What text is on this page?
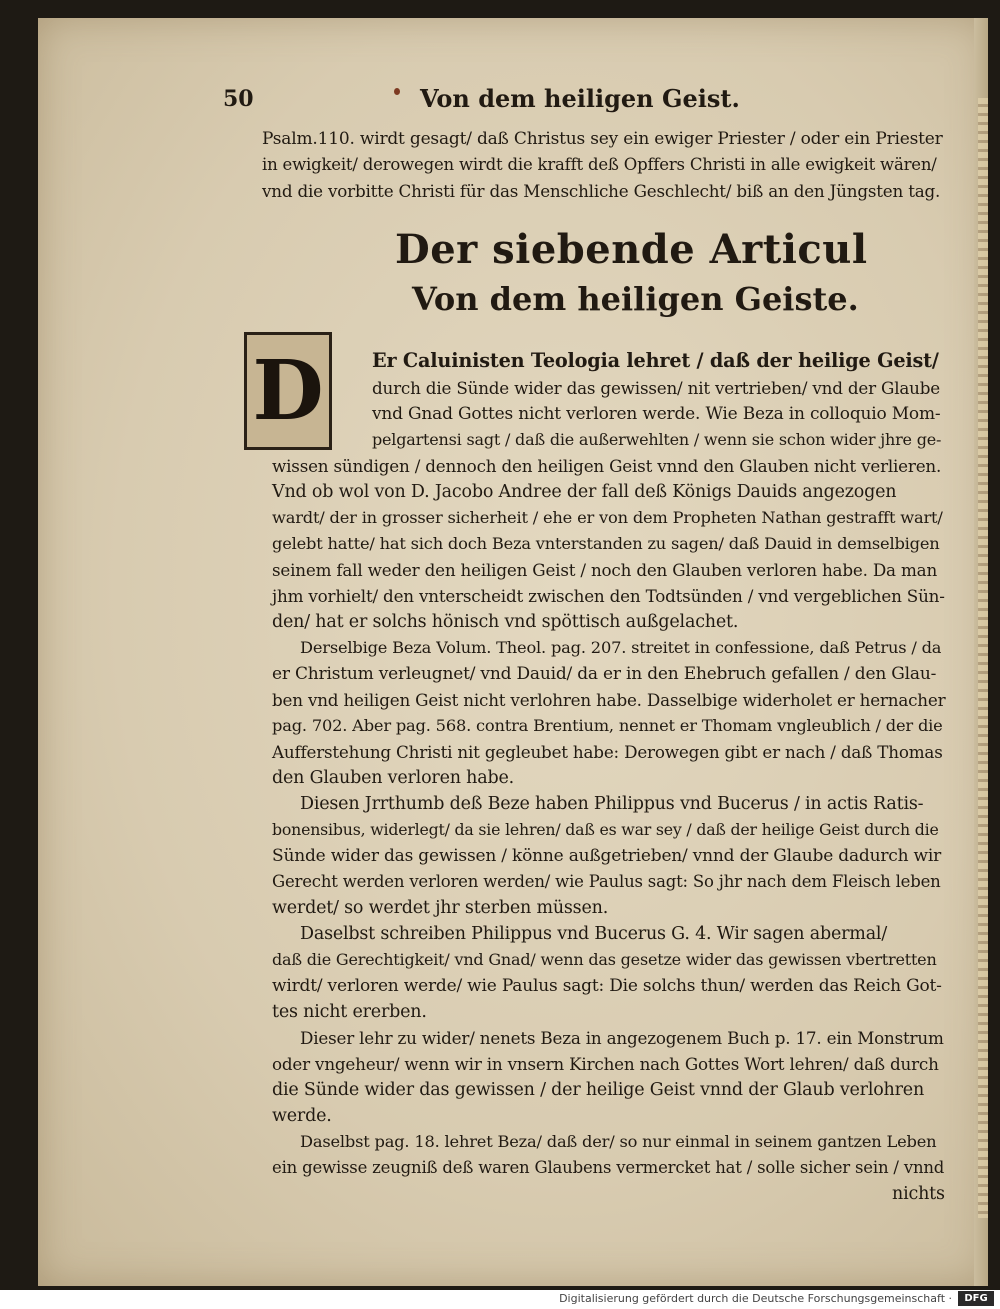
50	Von dem heiligen Geist.
Psalm.110. wirdt gesagt/ daß Christus sey ein ewiger Priester / oder ein Priester
in ewigkeit/ derowegen wirdt die krafft deß Opffers Christi in alle ewigkeit wären/
vnd die vorbitte Christi für das Menschliche Geschlecht/ biß an den Jüngsten tag.
Der siebende Articul
Von dem heiligen Geiste.
D	Er Caluinisten Teologia lehret / daß der heilige Geist/
durch die Sünde wider das gewissen/ nit vertrieben/ vnd der Glaube
vnd Gnad Gottes nicht verloren werde. Wie Beza in colloquio Mom-
pelgartensi sagt / daß die außerwehlten / wenn sie schon wider jhre ge-
wissen sündigen / dennoch den heiligen Geist vnnd den Glauben nicht verlieren.
Vnd ob wol von D. Jacobo Andree der fall deß Königs Dauids angezogen
wardt/ der in grosser sicherheit / ehe er von dem Propheten Nathan gestrafft wart/
gelebt hatte/ hat sich doch Beza vnterstanden zu sagen/ daß Dauid in demselbigen
seinem fall weder den heiligen Geist / noch den Glauben verloren habe. Da man
jhm vorhielt/ den vnterscheidt zwischen den Todtsünden / vnd vergeblichen Sün-
den/ hat er solchs hönisch vnd spöttisch außgelachet.
Derselbige Beza Volum. Theol. pag. 207. streitet in confessione, daß Petrus / da
er Christum verleugnet/ vnd Dauid/ da er in den Ehebruch gefallen / den Glau-
ben vnd heiligen Geist nicht verlohren habe. Dasselbige widerholet er hernacher
pag. 702. Aber pag. 568. contra Brentium, nennet er Thomam vngleublich / der die
Aufferstehung Christi nit gegleubet habe: Derowegen gibt er nach / daß Thomas
den Glauben verloren habe.
Diesen Jrrthumb deß Beze haben Philippus vnd Bucerus / in actis Ratis-
bonensibus, widerlegt/ da sie lehren/ daß es war sey / daß der heilige Geist durch die
Sünde wider das gewissen / könne außgetrieben/ vnnd der Glaube dadurch wir
Gerecht werden verloren werden/ wie Paulus sagt: So jhr nach dem Fleisch leben
werdet/ so werdet jhr sterben müssen.
Daselbst schreiben Philippus vnd Bucerus G. 4. Wir sagen abermal/
daß die Gerechtigkeit/ vnd Gnad/ wenn das gesetze wider das gewissen vbertretten
wirdt/ verloren werde/ wie Paulus sagt: Die solchs thun/ werden das Reich Got-
tes nicht ererben.
Dieser lehr zu wider/ nenets Beza in angezogenem Buch p. 17. ein Monstrum
oder vngeheur/ wenn wir in vnsern Kirchen nach Gottes Wort lehren/ daß durch
die Sünde wider das gewissen / der heilige Geist vnnd der Glaub verlohren
werde.
Daselbst pag. 18. lehret Beza/ daß der/ so nur einmal in seinem gantzen Leben
ein gewisse zeugniß deß waren Glaubens vermercket hat / solle sicher sein / vnnd
nichts
Digitalisierung gefördert durch die Deutsche Forschungsgemeinschaft ·	DFG
